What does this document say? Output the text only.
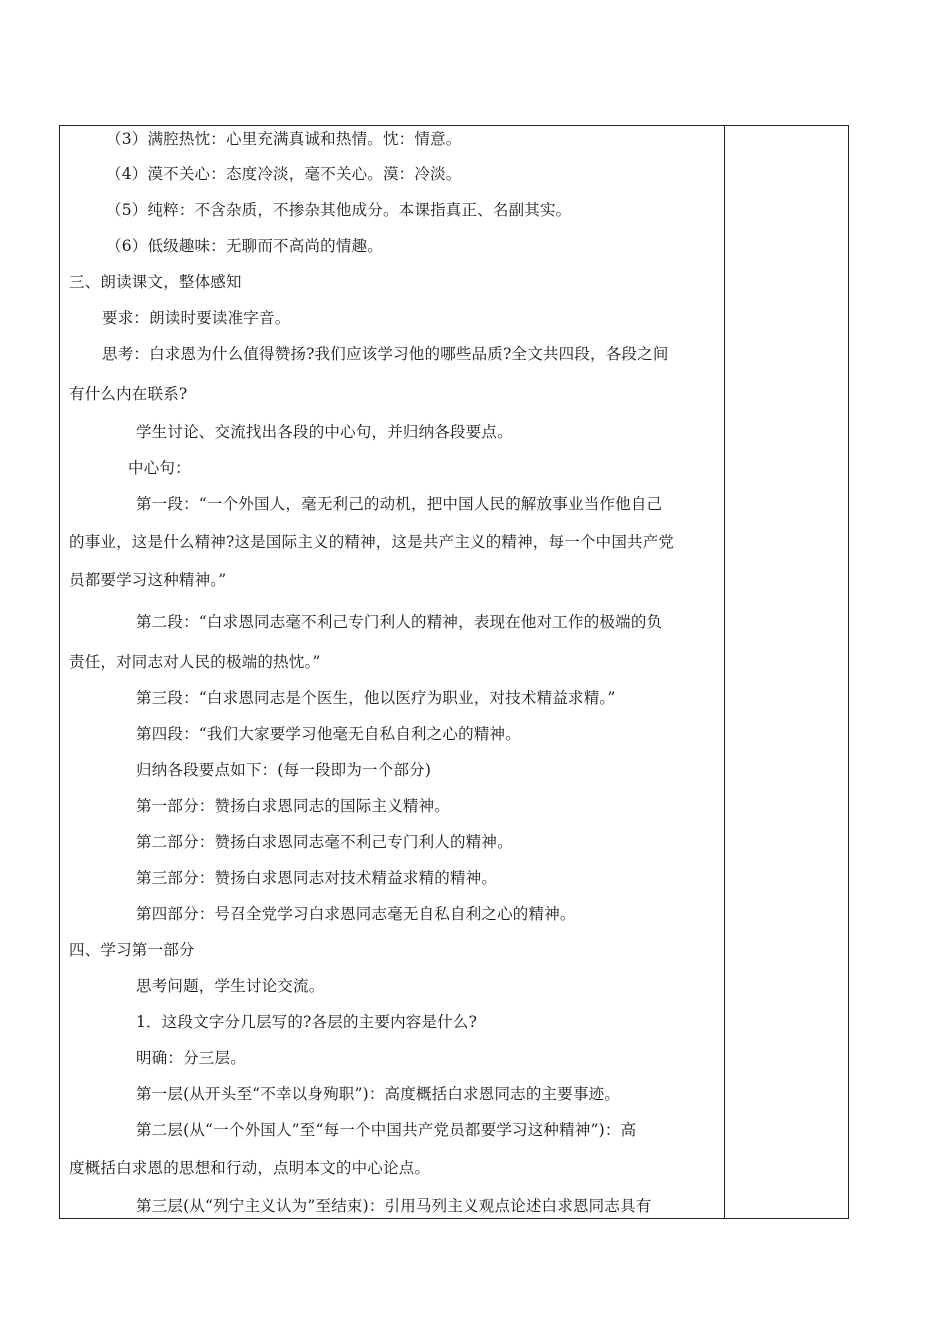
（3）满腔热忱：心里充满真诚和热情。忱：情意。
（4）漠不关心：态度冷淡，毫不关心。漠：冷淡。
（5）纯粹：不含杂质，不掺杂其他成分。本课指真正、名副其实。
（6）低级趣味：无聊而不高尚的情趣。
三、朗读课文，整体感知
要求：朗读时要读准字音。
思考：白求恩为什么值得赞扬?我们应该学习他的哪些品质?全文共四段，各段之间
有什么内在联系?
学生讨论、交流找出各段的中心句，并归纳各段要点。
中心句：
第一段：“一个外国人，毫无利己的动机，把中国人民的解放事业当作他自己
的事业，这是什么精神?这是国际主义的精神，这是共产主义的精神，每一个中国共产党
员都要学习这种精神。”
第二段：“白求恩同志毫不利己专门利人的精神，表现在他对工作的极端的负
责任，对同志对人民的极端的热忱。”
第三段：“白求恩同志是个医生，他以医疗为职业，对技术精益求精。”
第四段：“我们大家要学习他毫无自私自利之心的精神。
归纳各段要点如下：(每一段即为一个部分)
第一部分：赞扬白求恩同志的国际主义精神。
第二部分：赞扬白求恩同志毫不利己专门利人的精神。
第三部分：赞扬白求恩同志对技术精益求精的精神。
第四部分：号召全党学习白求恩同志毫无自私自利之心的精神。
四、学习第一部分
思考问题，学生讨论交流。
1．这段文字分几层写的?各层的主要内容是什么?
明确：分三层。
第一层(从开头至“不幸以身殉职”)：高度概括白求恩同志的主要事迹。
第二层(从“一个外国人”至“每一个中国共产党员都要学习这种精神”)：高
度概括白求恩的思想和行动，点明本文的中心论点。
第三层(从“列宁主义认为”至结束)：引用马列主义观点论述白求恩同志具有
